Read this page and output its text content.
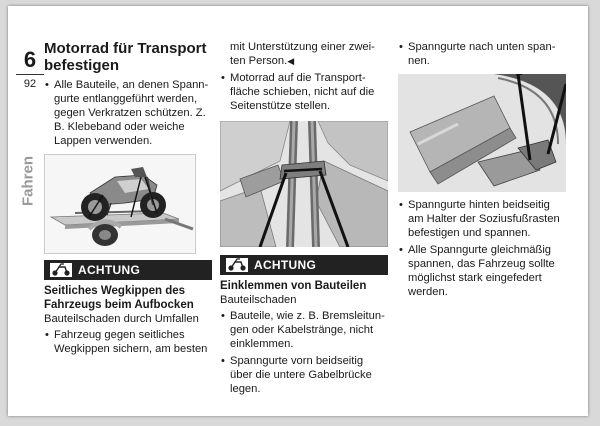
6
92
Fahren
Motorrad für Transport befestigen
• Alle Bauteile, an denen Spann-gurte entlanggeführt werden, gegen Verkratzen schützen. Z. B. Klebeband oder weiche Lappen verwenden.
ACHTUNG

Seitliches Wegkippen des Fahrzeugs beim Aufbocken

Bauteilschaden durch Umfallen

• Fahrzeug gegen seitliches Wegkippen sichern, am besten

mit Unterstützung einer zwei-ten Person.◀

• Motorrad auf die Transport-fläche schieben, nicht auf die Seitenstütze stellen.
ACHTUNG

Einklemmen von Bauteilen

Bauteilschaden

• Bauteile, wie z. B. Bremsleitun-gen oder Kabelstränge, nicht einklemmen.
• Spanngurte vorn beidseitig über die untere Gabelbrücke legen.
• Spanngurte nach unten span-nen.
• Spanngurte hinten beidseitig am Halter der Soziusfußrasten befestigen und spannen.
• Alle Spanngurte gleichmäßig spannen, das Fahrzeug sollte möglichst stark eingefedert werden.
